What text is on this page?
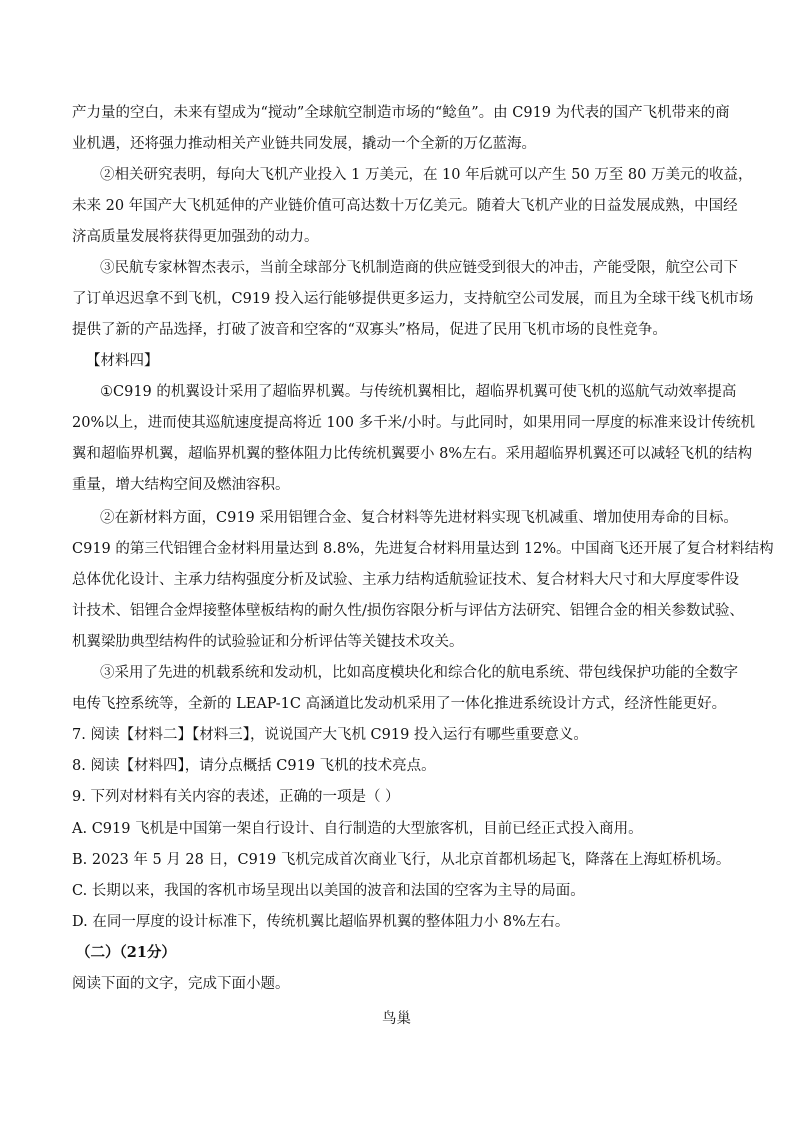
产力量的空白，未来有望成为“搅动”全球航空制造市场的“鲶鱼”。由 C919 为代表的国产飞机带来的商
业机遇，还将强力推动相关产业链共同发展，撬动一个全新的万亿蓝海。
②相关研究表明，每向大飞机产业投入 1 万美元，在 10 年后就可以产生 50 万至 80 万美元的收益，
未来 20 年国产大飞机延伸的产业链价值可高达数十万亿美元。随着大飞机产业的日益发展成熟，中国经
济高质量发展将获得更加强劲的动力。
③民航专家林智杰表示，当前全球部分飞机制造商的供应链受到很大的冲击，产能受限，航空公司下
了订单迟迟拿不到飞机，C919 投入运行能够提供更多运力，支持航空公司发展，而且为全球干线飞机市场
提供了新的产品选择，打破了波音和空客的“双寡头”格局，促进了民用飞机市场的良性竞争。
【材料四】
①C919 的机翼设计采用了超临界机翼。与传统机翼相比，超临界机翼可使飞机的巡航气动效率提高
20%以上，进而使其巡航速度提高将近 100 多千米/小时。与此同时，如果用同一厚度的标准来设计传统机
翼和超临界机翼，超临界机翼的整体阻力比传统机翼要小 8%左右。采用超临界机翼还可以减轻飞机的结构
重量，增大结构空间及燃油容积。
②在新材料方面，C919 采用铝锂合金、复合材料等先进材料实现飞机减重、增加使用寿命的目标。
C919 的第三代铝锂合金材料用量达到 8.8%，先进复合材料用量达到 12%。中国商飞还开展了复合材料结构
总体优化设计、主承力结构强度分析及试验、主承力结构适航验证技术、复合材料大尺寸和大厚度零件设
计技术、铝锂合金焊接整体壁板结构的耐久性/损伤容限分析与评估方法研究、铝锂合金的相关参数试验、
机翼梁肋典型结构件的试验验证和分析评估等关键技术攻关。
③采用了先进的机载系统和发动机，比如高度模块化和综合化的航电系统、带包线保护功能的全数字
电传飞控系统等，全新的 LEAP-1C 高涵道比发动机采用了一体化推进系统设计方式，经济性能更好。
7. 阅读【材料二】【材料三】，说说国产大飞机 C919 投入运行有哪些重要意义。
8. 阅读【材料四】，请分点概括 C919 飞机的技术亮点。
9. 下列对材料有关内容的表述，正确的一项是（ ）
A. C919 飞机是中国第一架自行设计、自行制造的大型旅客机，目前已经正式投入商用。
B. 2023 年 5 月 28 日，C919 飞机完成首次商业飞行，从北京首都机场起飞，降落在上海虹桥机场。
C. 长期以来，我国的客机市场呈现出以美国的波音和法国的空客为主导的局面。
D. 在同一厚度的设计标准下，传统机翼比超临界机翼的整体阻力小 8%左右。
（二）（21分）
阅读下面的文字，完成下面小题。
鸟巢
